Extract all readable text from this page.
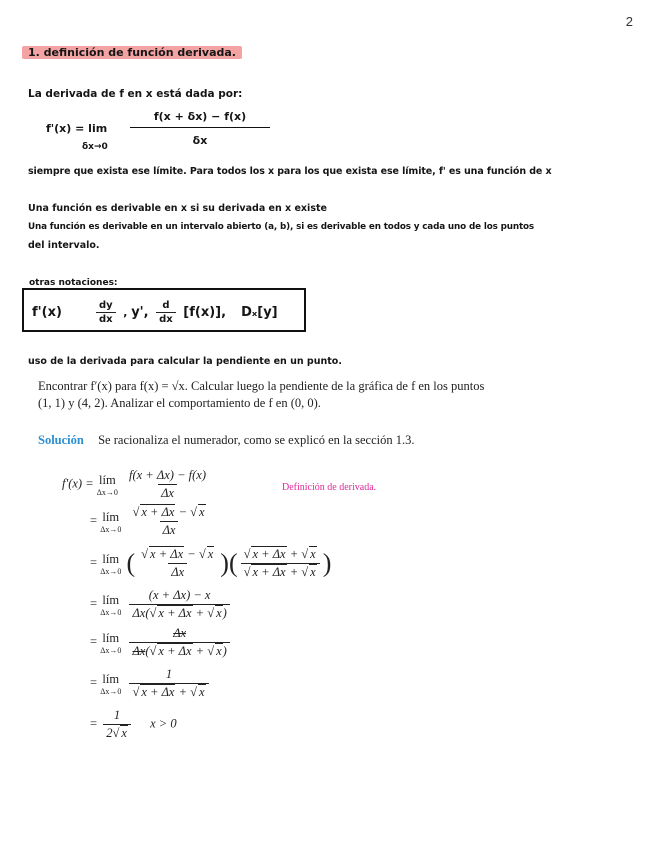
2
1. definición de función derivada.
La derivada de f en x está dada por:
f'(x) = lim
δx→0
f(x + δx) − f(x)
δx
siempre que exista ese límite. Para todos los x para los que exista ese límite, f' es una función de x
Una función es derivable en x si su derivada en x existe
Una función es derivable en un intervalo abierto (a, b), si es derivable en todos y cada uno de los puntos
del intervalo.
otras notaciones:
f'(x)	$\frac{dy}{dx}$ , y', $\frac{d}{dx} [f(x)]$, Dₓ[y]
uso de la derivada para calcular la pendiente en un punto.
Encontrar f′(x) para f(x) = √x. Calcular luego la pendiente de la gráfica de f en los puntos
(1, 1) y (4, 2). Analizar el comportamiento de f en (0, 0).
Solución Se racionaliza el numerador, como se explicó en la sección 1.3.
f′(x) = lím
Δx→0
$\frac{f(x + \Delta x) - f(x)}{\Delta x}$	Definición de derivada.
= lím
Δx→0
$\frac{√ x + \Delta x - √ x}{\Delta x}$
= lím
Δx→0 ( $\frac{√ x + \Delta x - √ x}{\Delta x}$ )( $\frac{√ x + \Delta x + √ x}{√ x + \Delta x + √ x}$ )
= lím
Δx→0
$\frac{(x + \Delta x) - x}{\Delta x(√ x + \Delta x + √ x)}$
= lím
Δx→0
$\frac{\Delta x}{\Delta x(√ x + \Delta x + √ x)}$
= lím
Δx→0
$\frac{1}{√ x + \Delta x + √ x}$
= $\frac{1}{2√ x}$ x > 0
